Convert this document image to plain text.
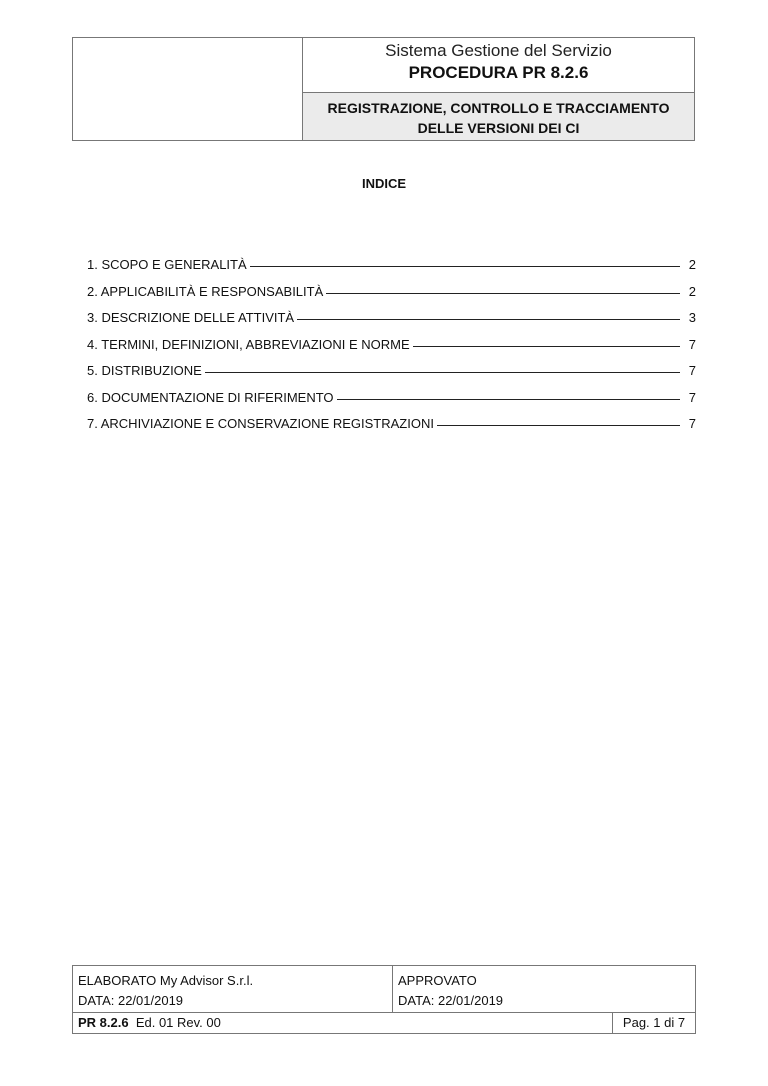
Sistema Gestione del Servizio
PROCEDURA PR 8.2.6
REGISTRAZIONE, CONTROLLO E TRACCIAMENTO
DELLE VERSIONI DEI CI
INDICE
1. SCOPO E GENERALITÀ	2
2. APPLICABILITÀ E RESPONSABILITÀ	2
3. DESCRIZIONE DELLE ATTIVITÀ	3
4. TERMINI, DEFINIZIONI, ABBREVIAZIONI E NORME	7
5. DISTRIBUZIONE	7
6. DOCUMENTAZIONE DI RIFERIMENTO	7
7. ARCHIVIAZIONE E CONSERVAZIONE REGISTRAZIONI	7
ELABORATO My Advisor S.r.l.
DATA: 22/01/2019
APPROVATO
DATA: 22/01/2019
PR 8.2.6 Ed. 01 Rev. 00	Pag. 1 di 7
